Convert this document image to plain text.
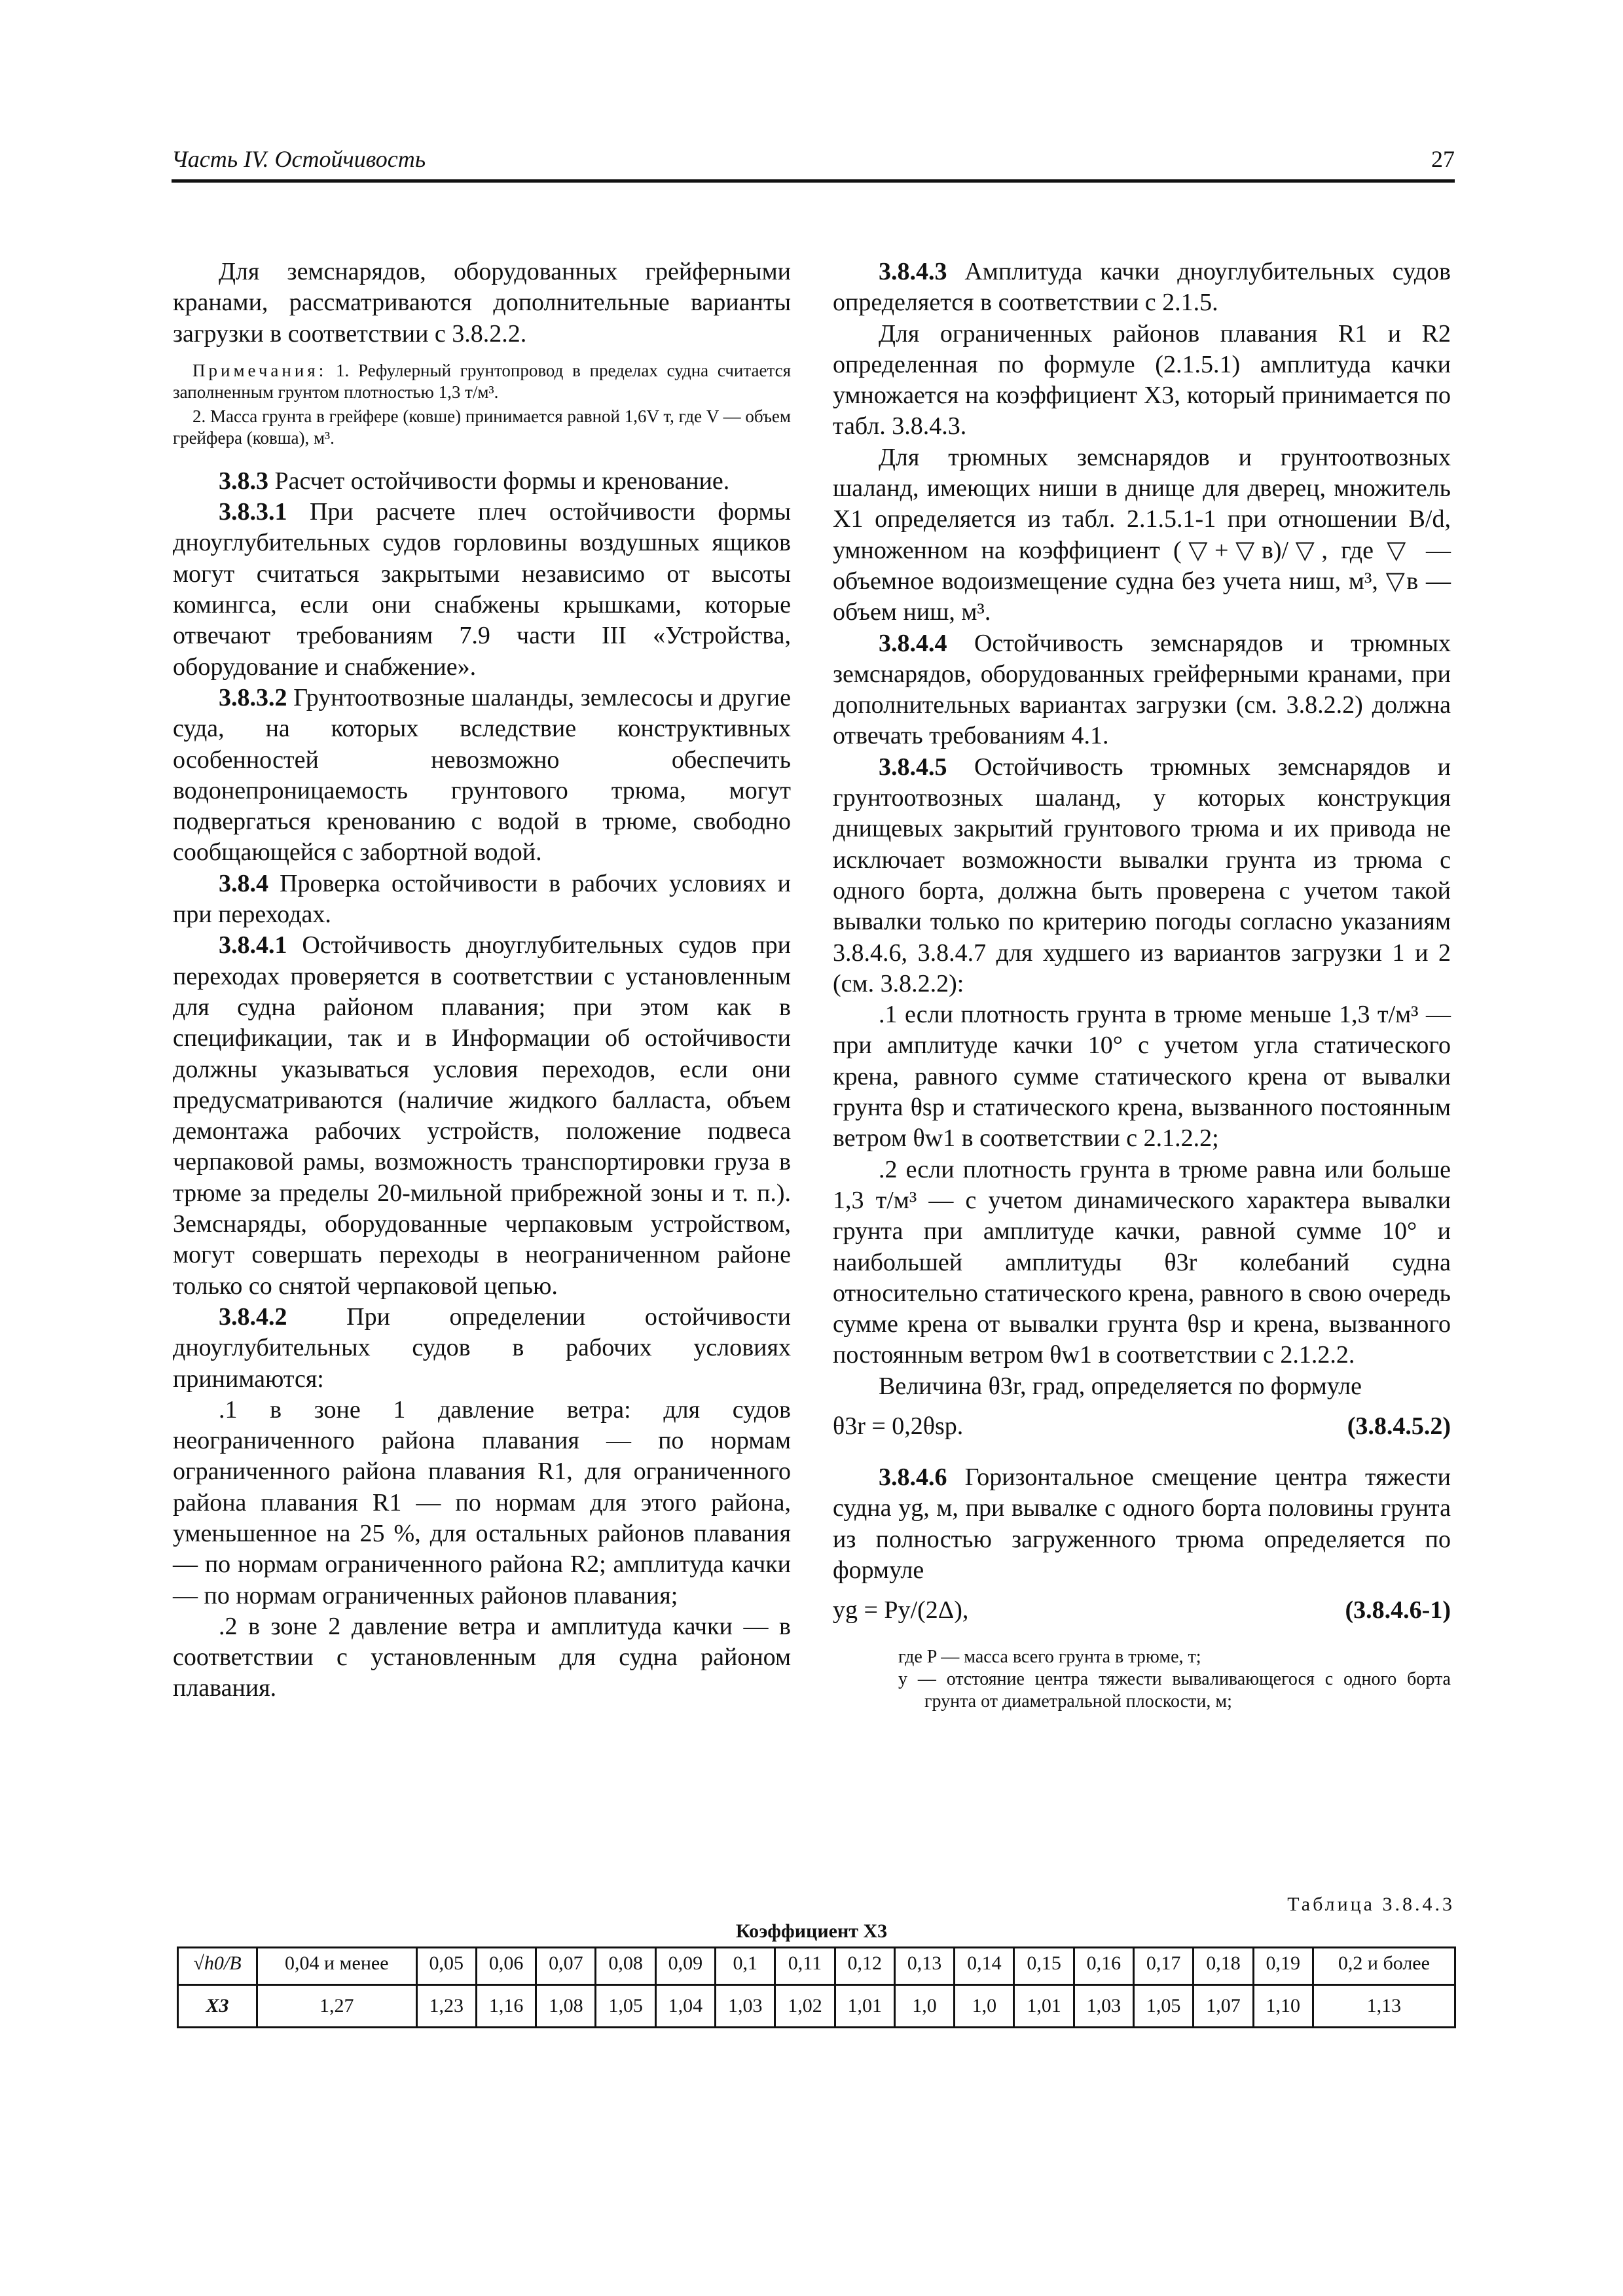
Часть IV. Остойчивость	27

Для земснарядов, оборудованных грейферными кранами, рассматриваются дополнительные варианты загрузки в соответствии с 3.8.2.2.

Примечания: 1. Рефулерный грунтопровод в пределах судна считается заполненным грунтом плотностью 1,3 т/м³.

2. Масса грунта в грейфере (ковше) принимается равной 1,6V т, где V — объем грейфера (ковша), м³.

3.8.3 Расчет остойчивости формы и кренование.

3.8.3.1 При расчете плеч остойчивости формы дноуглубительных судов горловины воздушных ящиков могут считаться закрытыми независимо от высоты комингса, если они снабжены крышками, которые отвечают требованиям 7.9 части III «Устройства, оборудование и снабжение».

3.8.3.2 Грунтоотвозные шаланды, землесосы и другие суда, на которых вследствие конструктивных особенностей невозможно обеспечить водонепроницаемость грунтового трюма, могут подвергаться кренованию с водой в трюме, свободно сообщающейся с забортной водой.

3.8.4 Проверка остойчивости в рабочих условиях и при переходах.

3.8.4.1 Остойчивость дноуглубительных судов при переходах проверяется в соответствии с установленным для судна районом плавания; при этом как в спецификации, так и в Информации об остойчивости должны указываться условия переходов, если они предусматриваются (наличие жидкого балласта, объем демонтажа рабочих устройств, положение подвеса черпаковой рамы, возможность транспортировки груза в трюме за пределы 20-мильной прибрежной зоны и т. п.). Земснаряды, оборудованные черпаковым устройством, могут совершать переходы в неограниченном районе только со снятой черпаковой цепью.

3.8.4.2 При определении остойчивости дноуглубительных судов в рабочих условиях принимаются:

.1 в зоне 1 давление ветра: для судов неограниченного района плавания — по нормам ограниченного района плавания R1, для ограниченного района плавания R1 — по нормам для этого района, уменьшенное на 25 %, для остальных районов плавания — по нормам ограниченного района R2; амплитуда качки — по нормам ограниченных районов плавания;

.2 в зоне 2 давление ветра и амплитуда качки — в соответствии с установленным для судна районом плавания.

3.8.4.3 Амплитуда качки дноуглубительных судов определяется в соответствии с 2.1.5.

Для ограниченных районов плавания R1 и R2 определенная по формуле (2.1.5.1) амплитуда качки умножается на коэффициент X3, который принимается по табл. 3.8.4.3.

Для трюмных земснарядов и грунтоотвозных шаланд, имеющих ниши в днище для дверец, множитель X1 определяется из табл. 2.1.5.1-1 при отношении B/d, умноженном на коэффициент (▽+▽в)/▽, где ▽ — объемное водоизмещение судна без учета ниш, м³, ▽в — объем ниш, м³.

3.8.4.4 Остойчивость земснарядов и трюмных земснарядов, оборудованных грейферными кранами, при дополнительных вариантах загрузки (см. 3.8.2.2) должна отвечать требованиям 4.1.

3.8.4.5 Остойчивость трюмных земснарядов и грунтоотвозных шаланд, у которых конструкция днищевых закрытий грунтового трюма и их привода не исключает возможности вывалки грунта из трюма с одного борта, должна быть проверена с учетом такой вывалки только по критерию погоды согласно указаниям 3.8.4.6, 3.8.4.7 для худшего из вариантов загрузки 1 и 2 (см. 3.8.2.2):

.1 если плотность грунта в трюме меньше 1,3 т/м³ — при амплитуде качки 10° с учетом угла статического крена, равного сумме статического крена от вывалки грунта θsp и статического крена, вызванного постоянным ветром θw1 в соответствии с 2.1.2.2;

.2 если плотность грунта в трюме равна или больше 1,3 т/м³ — с учетом динамического характера вывалки грунта при амплитуде качки, равной сумме 10° и наибольшей амплитуды θ3r колебаний судна относительно статического крена, равного в свою очередь сумме крена от вывалки грунта θsp и крена, вызванного постоянным ветром θw1 в соответствии с 2.1.2.2.

Величина θ3r, град, определяется по формуле

θ3r = 0,2θsp.	(3.8.4.5.2)

3.8.4.6 Горизонтальное смещение центра тяжести судна yg, м, при вывалке с одного борта половины грунта из полностью загруженного трюма определяется по формуле

yg = Py/(2Δ),	(3.8.4.6-1)

где P — масса всего грунта в трюме, т;
y — отстояние центра тяжести вываливающегося с одного борта грунта от диаметральной плоскости, м;

Таблица 3.8.4.3
Коэффициент X3
√h0/B	0,04 и менее	0,05	0,06	0,07	0,08	0,09	0,1	0,11	0,12	0,13	0,14	0,15	0,16	0,17	0,18	0,19	0,2 и более
X3	1,27	1,23	1,16	1,08	1,05	1,04	1,03	1,02	1,01	1,0	1,0	1,01	1,03	1,05	1,07	1,10	1,13
